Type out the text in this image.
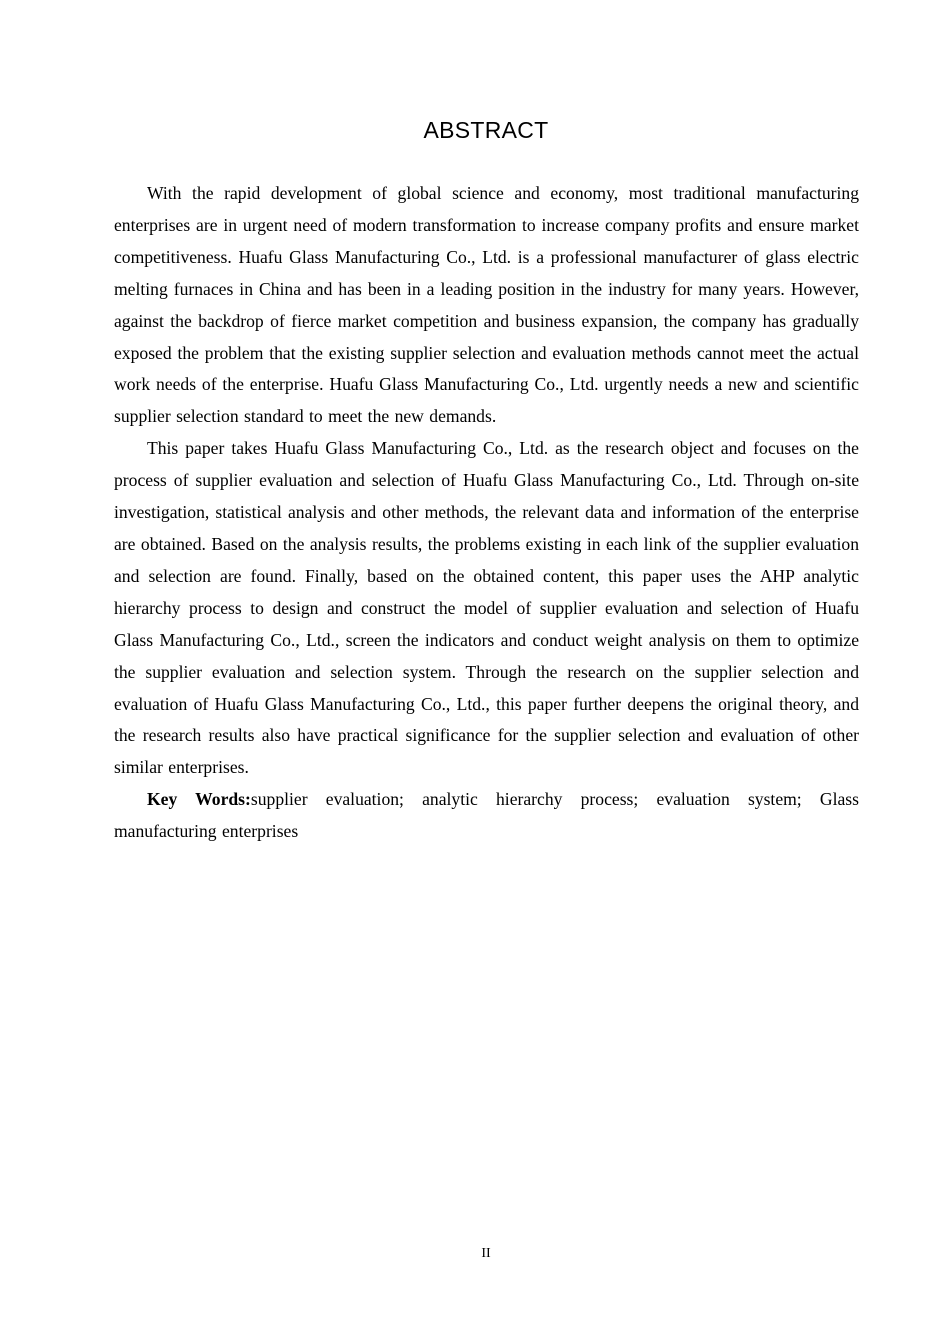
ABSTRACT

With the rapid development of global science and economy, most traditional manufacturing enterprises are in urgent need of modern transformation to increase company profits and ensure market competitiveness. Huafu Glass Manufacturing Co., Ltd. is a professional manufacturer of glass electric melting furnaces in China and has been in a leading position in the industry for many years. However, against the backdrop of fierce market competition and business expansion, the company has gradually exposed the problem that the existing supplier selection and evaluation methods cannot meet the actual work needs of the enterprise. Huafu Glass Manufacturing Co., Ltd. urgently needs a new and scientific supplier selection standard to meet the new demands.

This paper takes Huafu Glass Manufacturing Co., Ltd. as the research object and focuses on the process of supplier evaluation and selection of Huafu Glass Manufacturing Co., Ltd. Through on-site investigation, statistical analysis and other methods, the relevant data and information of the enterprise are obtained. Based on the analysis results, the problems existing in each link of the supplier evaluation and selection are found. Finally, based on the obtained content, this paper uses the AHP analytic hierarchy process to design and construct the model of supplier evaluation and selection of Huafu Glass Manufacturing Co., Ltd., screen the indicators and conduct weight analysis on them to optimize the supplier evaluation and selection system. Through the research on the supplier selection and evaluation of Huafu Glass Manufacturing Co., Ltd., this paper further deepens the original theory, and the research results also have practical significance for the supplier selection and evaluation of other similar enterprises.

Key Words:supplier evaluation; analytic hierarchy process; evaluation system; Glass manufacturing enterprises

II
